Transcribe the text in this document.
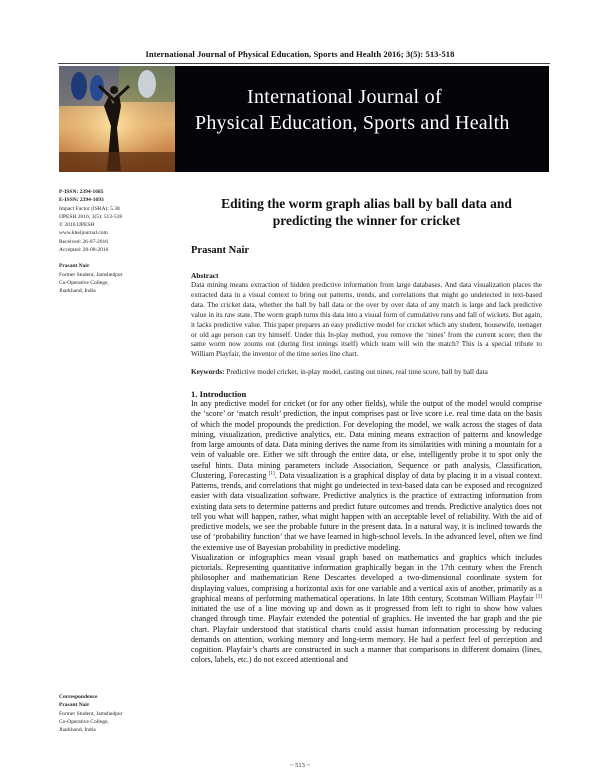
International Journal of Physical Education, Sports and Health 2016; 3(5): 513-518
International Journal of
Physical Education, Sports and Health
P-ISSN: 2394-1685
E-ISSN: 2394-1693
Impact Factor (ISRA): 5.38
IJPESH 2016; 3(5): 513-518
© 2016 IJPESH
www.kheljournal.com
Received: 26-07-2016
Accepted: 28-08-2016
Prasant Nair
Former Student, Jamshedpur
Co-Operative College,
Jharkhand, India
Correspondence
Prasant Nair
Former Student, Jamshedpur
Co-Operative College,
Jharkhand, India
Editing the worm graph alias ball by ball data and predicting the winner for cricket
Prasant Nair
Abstract
Data mining means extraction of hidden predictive information from large databases. And data visualization places the extracted data in a visual context to bring out patterns, trends, and correlations that might go undetected in text-based data. The cricket data, whether the ball by ball data or the over by over data of any match is large and lack predictive value in its raw state. The worm graph turns this data into a visual form of cumulative runs and fall of wickets. But again, it lacks predictive value. This paper prepares an easy predictive model for cricket which any student, housewife, teenager or old age person can try himself. Under this In-play method, you remove the ‘nines’ from the current score; then the same worm now zooms out (during first innings itself) which team will win the match? This is a special tribute to William Playfair, the inventor of the time series line chart.
Keywords: Predictive model cricket, in-play model, casting out nines, real time score, ball by ball data
1. Introduction

In any predictive model for cricket (or for any other fields), while the output of the model would comprise the ‘score’ or ‘match result’ prediction, the input comprises past or live score i.e. real time data on the basis of which the model propounds the prediction. For developing the model, we walk across the stages of data mining, visualization, predictive analytics, etc. Data mining means extraction of patterns and knowledge from large amounts of data. Data mining derives the name from its similarities with mining a mountain for a vein of valuable ore. Either we sift through the entire data, or else, intelligently probe it to spot only the useful hints. Data mining parameters include Association, Sequence or path analysis, Classification, Clustering, Forecasting [1]. Data visualization is a graphical display of data by placing it in a visual context. Patterns, trends, and correlations that might go undetected in text-based data can be exposed and recognized easier with data visualization software. Predictive analytics is the practice of extracting information from existing data sets to determine patterns and predict future outcomes and trends. Predictive analytics does not tell you what will happen, rather, what might happen with an acceptable level of reliability. With the aid of predictive models, we see the probable future in the present data. In a natural way, it is inclined towards the use of ‘probability function’ that we have learned in high-school levels. In the advanced level, often we find the extensive use of Bayesian probability in predictive modeling.

Visualization or infographics mean visual graph based on mathematics and graphics which includes pictorials. Representing quantitative information graphically began in the 17th century when the French philosopher and mathematician Rene Descartes developed a two-dimensional coordinate system for displaying values, comprising a horizontal axis for one variable and a vertical axis of another, primarily as a graphical means of performing mathematical operations. In late 18th century, Scotsman William Playfair [2] initiated the use of a line moving up and down as it progressed from left to right to show how values changed through time. Playfair extended the potential of graphics. He invented the bar graph and the pie chart. Playfair understood that statistical charts could assist human information processing by reducing demands on attention, working memory and long-term memory. He had a perfect feel of perception and cognition. Playfair’s charts are constructed in such a manner that comparisons in different domains (lines, colors, labels, etc.) do not exceed attentional and

~ 513 ~
